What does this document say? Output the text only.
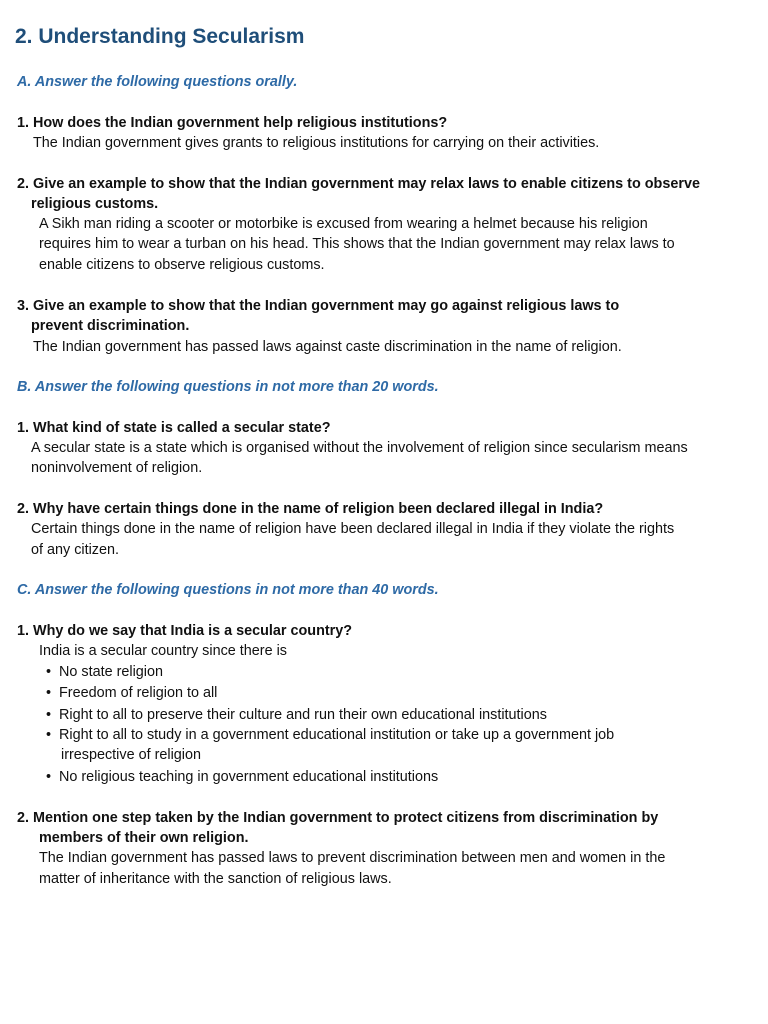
2. Understanding Secularism
A. Answer the following questions orally.
1. How does the Indian government help religious institutions?
The Indian government gives grants to religious institutions for carrying on their activities.
2. Give an example to show that the Indian government may relax laws to enable citizens to observe
religious customs.
A Sikh man riding a scooter or motorbike is excused from wearing a helmet because his religion
requires him to wear a turban on his head. This shows that the Indian government may relax laws to
enable citizens to observe religious customs.
3. Give an example to show that the Indian government may go against religious laws to
prevent discrimination.
The Indian government has passed laws against caste discrimination in the name of religion.
B. Answer the following questions in not more than 20 words.
1. What kind of state is called a secular state?
A secular state is a state which is organised without the involvement of religion since secularism means
noninvolvement of religion.
2. Why have certain things done in the name of religion been declared illegal in India?
Certain things done in the name of religion have been declared illegal in India if they violate the rights
of any citizen.
C. Answer the following questions in not more than 40 words.
1. Why do we say that India is a secular country?
India is a secular country since there is
• No state religion
• Freedom of religion to all
• Right to all to preserve their culture and run their own educational institutions
• Right to all to study in a government educational institution or take up a government job
irrespective of religion
• No religious teaching in government educational institutions
2. Mention one step taken by the Indian government to protect citizens from discrimination by
members of their own religion.
The Indian government has passed laws to prevent discrimination between men and women in the
matter of inheritance with the sanction of religious laws.
